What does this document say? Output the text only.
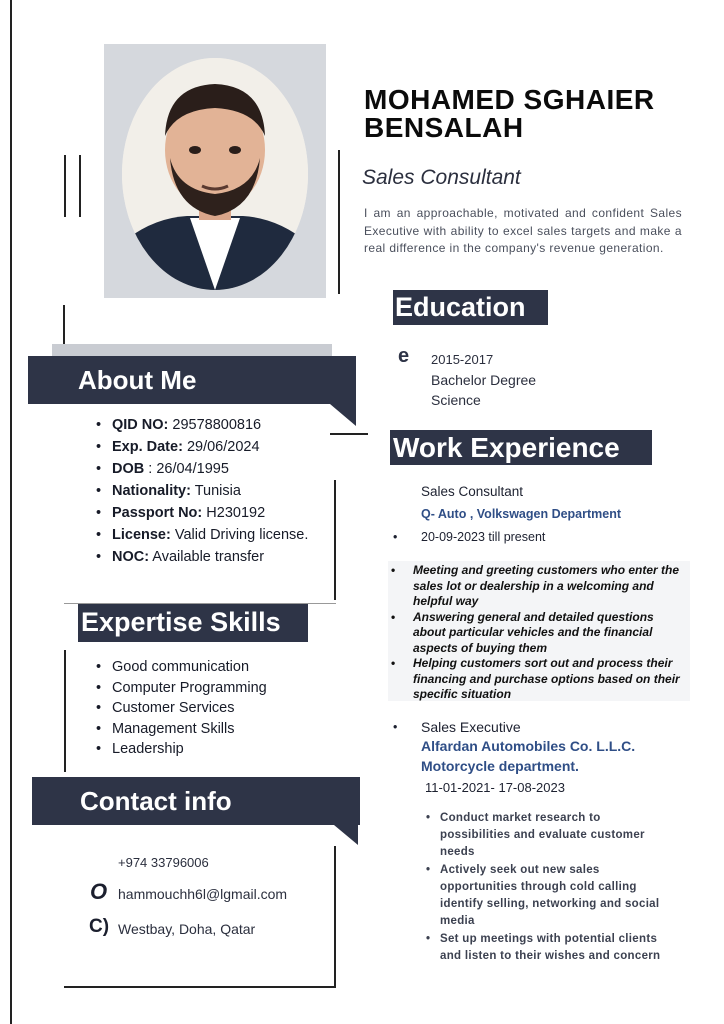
MOHAMED SGHAIER
BENSALAH
Sales Consultant
I am an approachable, motivated and confident Sales Executive with ability to excel sales targets and make a real difference in the company's revenue generation.
About Me
• QID NO: 29578800816
• Exp. Date: 29/06/2024
• DOB : 26/04/1995
• Nationality: Tunisia
• Passport No: H230192
• License: Valid Driving license.
• NOC: Available transfer
Expertise Skills
• Good communication
• Computer Programming
• Customer Services
• Management Skills
• Leadership
Contact info
+974 33796006
O hammouchh6l@lgmail.com
C) Westbay, Doha, Qatar
Education
e 2015-2017
Bachelor Degree
Science
Work Experience
Sales Consultant
Q- Auto , Volkswagen Department
• 20-09-2023 till present
• Meeting and greeting customers who enter the sales lot or dealership in a welcoming and helpful way
• Answering general and detailed questions about particular vehicles and the financial aspects of buying them
• Helping customers sort out and process their financing and purchase options based on their specific situation
• Sales Executive
Alfardan Automobiles Co. L.L.C.
Motorcycle department.
11-01-2021- 17-08-2023
• Conduct market research to possibilities and evaluate customer needs
• Actively seek out new sales opportunities through cold calling identify selling, networking and social media
• Set up meetings with potential clients and listen to their wishes and concern
